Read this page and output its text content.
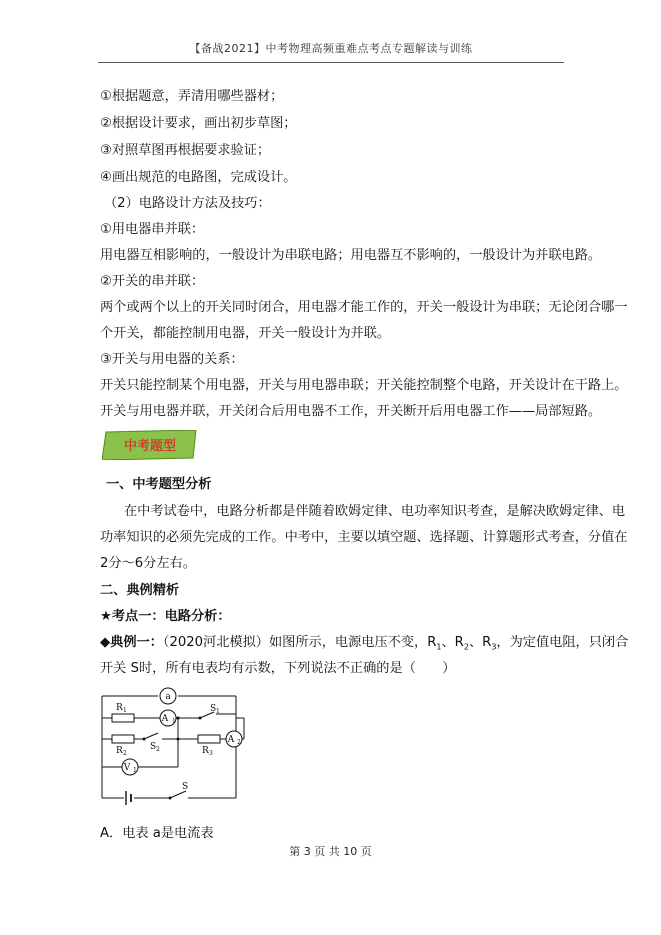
【备战2021】中考物理高频重难点考点专题解读与训练
①根据题意，弄清用哪些器材；
②根据设计要求，画出初步草图；
③对照草图再根据要求验证；
④画出规范的电路图，完成设计。
（2）电路设计方法及技巧：
①用电器串并联：
用电器互相影响的，一般设计为串联电路；用电器互不影响的，一般设计为并联电路。
②开关的串并联：
两个或两个以上的开关同时闭合，用电器才能工作的，开关一般设计为串联；无论闭合哪一
个开关，都能控制用电器，开关一般设计为并联。
③开关与用电器的关系：
开关只能控制某个用电器，开关与用电器串联；开关能控制整个电路，开关设计在干路上。
开关与用电器并联，开关闭合后用电器不工作，开关断开后用电器工作——局部短路。
中考题型
一、中考题型分析
在中考试卷中，电路分析都是伴随着欧姆定律、电功率知识考查，是解决欧姆定律、电
功率知识的必须先完成的工作。中考中，主要以填空题、选择题、计算题形式考查，分值在
2分～6分左右。
二、典例精析
★考点一：电路分析：
◆典例一：（2020河北模拟）如图所示，电源电压不变，$R_1$、$R_2$、$R_3$，为定值电阻，只闭合
开关 S时，所有电表均有示数，下列说法不正确的是（　　）
a
A 1
A 2
V 1
R 1
R 2	R 3
S 1
S 2
S
A．电表 a是电流表
第 3 页 共 10 页
